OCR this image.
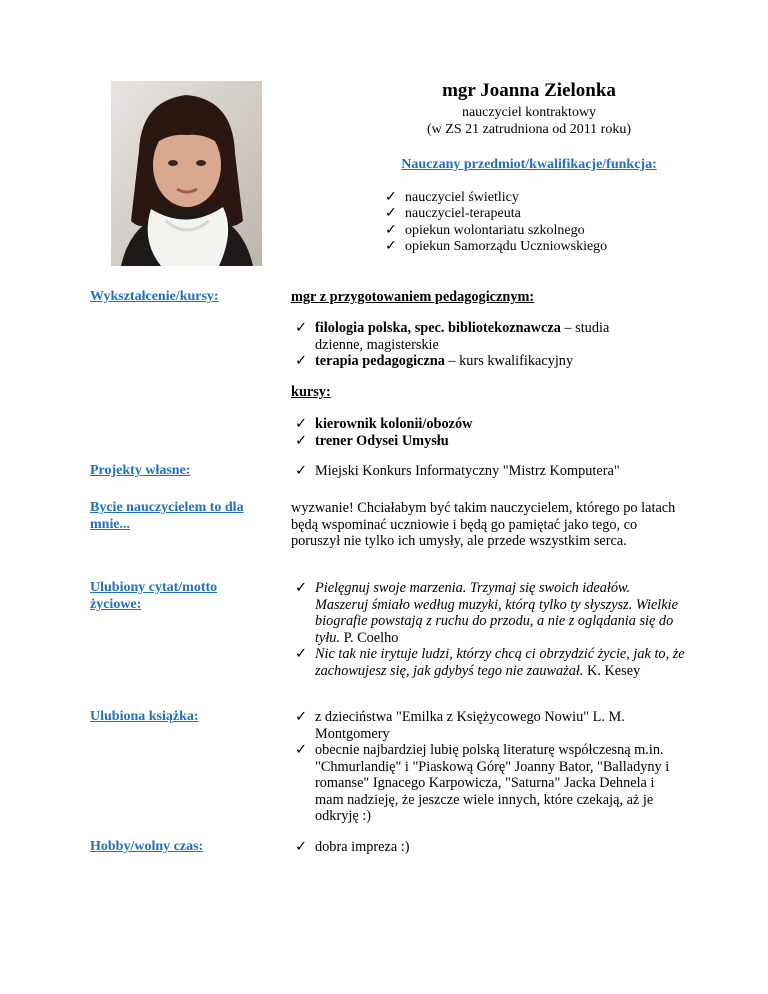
mgr Joanna Zielonka
nauczyciel kontraktowy
(w ZS 21 zatrudniona od 2011 roku)
Nauczany przedmiot/kwalifikacje/funkcja:
✓ nauczyciel świetlicy
✓ nauczyciel-terapeuta
✓ opiekun wolontariatu szkolnego
✓ opiekun Samorządu Uczniowskiego
Wykształcenie/kursy:	mgr z przygotowaniem pedagogicznym:
✓ filologia polska, spec. bibliotekoznawcza – studia dzienne, magisterskie
✓ terapia pedagogiczna – kurs kwalifikacyjny
kursy:
✓ kierownik kolonii/obozów
✓ trener Odysei Umysłu
Projekty własne:	✓ Miejski Konkurs Informatyczny "Mistrz Komputera"
Bycie nauczycielem to dla mnie...
wyzwanie! Chciałabym być takim nauczycielem, którego po latach będą wspominać uczniowie i będą go pamiętać jako tego, co poruszył nie tylko ich umysły, ale przede wszystkim serca.
Ulubiony cytat/motto życiowe:
✓ Pielęgnuj swoje marzenia. Trzymaj się swoich ideałów. Maszeruj śmiało według muzyki, którą tylko ty słyszysz. Wielkie biografie powstają z ruchu do przodu, a nie z oglądania się do tyłu. P. Coelho
✓ Nic tak nie irytuje ludzi, którzy chcą ci obrzydzić życie, jak to, że zachowujesz się, jak gdybyś tego nie zauważał. K. Kesey
Ulubiona książka:	✓ z dzieciństwa "Emilka z Księżycowego Nowiu" L. M. Montgomery
✓ obecnie najbardziej lubię polską literaturę współczesną m.in. "Chmurlandię" i "Piaskową Górę" Joanny Bator, "Balladyny i romanse" Ignacego Karpowicza, "Saturna" Jacka Dehnela i mam nadzieję, że jeszcze wiele innych, które czekają, aż je odkryję :)
Hobby/wolny czas:	✓ dobra impreza :)
